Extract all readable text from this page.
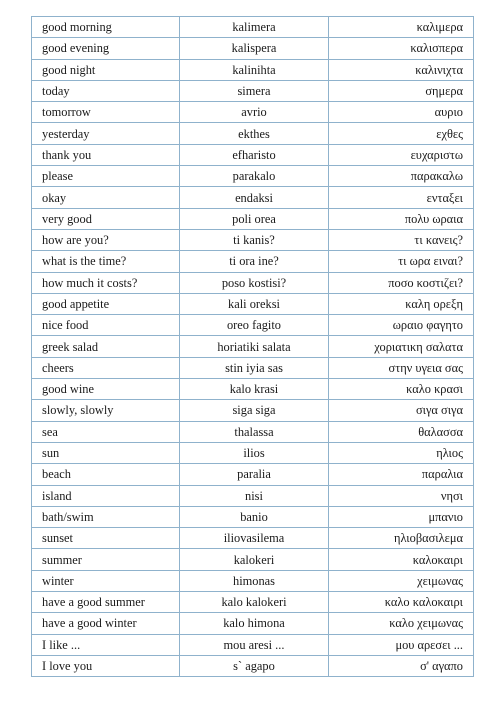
good morning	kalimera	καλιμερα
good evening	kalispera	καλισπερα
good night	kalinihta	καλινιχτα
today	simera	σημερα
tomorrow	avrio	αυριο
yesterday	ekthes	εχθες
thank you	efharisto	ευχαριστω
please	parakalo	παρακαλω
okay	endaksi	ενταξει
very good	poli orea	πολυ ωραια
how are you?	ti kanis?	τι κανεις?
what is the time?	ti ora ine?	τι ωρα ειναι?
how much it costs?	poso kostisi?	ποσο κοστιζει?
good appetite	kali oreksi	καλη ορεξη
nice food	oreo fagito	ωραιο φαγητο
greek salad	horiatiki salata	χοριατικη σαλατα
cheers	stin iyia sas	στην υγεια σας
good wine	kalo krasi	καλο κρασι
slowly, slowly	siga siga	σιγα σιγα
sea	thalassa	θαλασσα
sun	ilios	ηλιος
beach	paralia	παραλια
island	nisi	νησι
bath/swim	banio	μπανιο
sunset	iliovasilema	ηλιοβασιλεμα
summer	kalokeri	καλοκαιρι
winter	himonas	χειμωνας
have a good summer	kalo kalokeri	καλο καλοκαιρι
have a good winter	kalo himona	καλο χειμωνας
I like ...	mou aresi ...	μου αρεσει ...
I love you	s` agapo	σ' αγαπο
